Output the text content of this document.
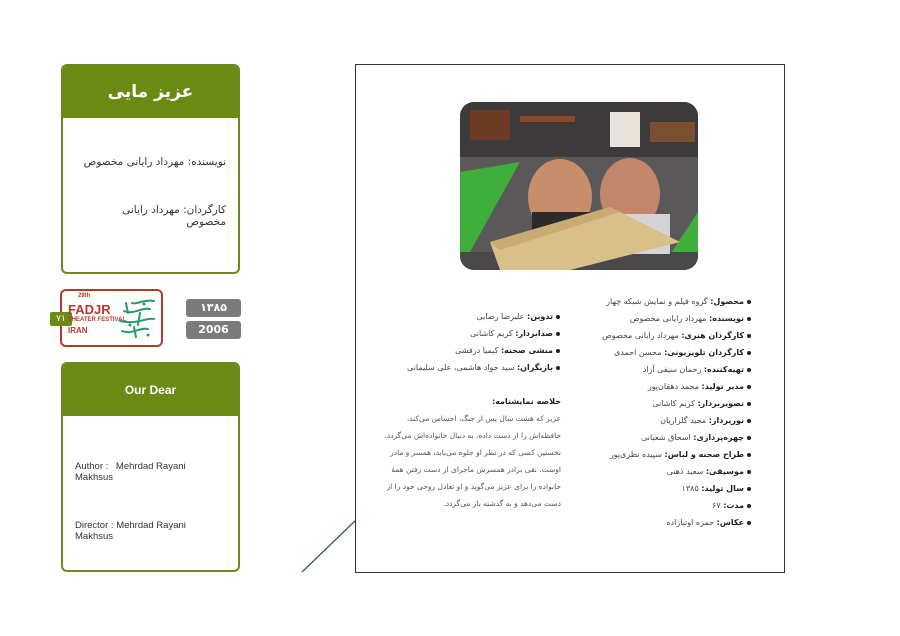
عزیز مایی
نویسنده: مهرداد رایانی مخصوص
کارگردان: مهرداد رایانی مخصوص
۷۱
28th
FADJR
THEATER FESTIVAL
IRAN
۱۳۸۵
2006
Our Dear
Author : Mehrdad Rayani Makhsus
Director : Mehrdad Rayani Makhsus
محصول: گروه فیلم و نمایش شبکه چهار
نویسنده: مهرداد رایانی مخصوص
کارگردان هنری: مهرداد رایانی مخصوص
کارگردان تلویزیونی: محسن احمدی
تهیه‌کننده: رحمان سیفی آزاد
مدیر تولید: محمد دهقان‌پور
تصویربردار: کریم کاشانی
نورپرداز: مجید گلزاریان
چهره‌پردازی: اسحاق شعبانی
طراح صحنه و لباس: سپیده نظری‌پور
موسیقی: سعید ذهنی
سال تولید: ۱۳۸۵
مدت: ۶۷
عکاس: حمزه اوتبازاده
تدوین: علیرضا رضایی
صدابردار: کریم کاشانی
منشی صحنه: کیمیا درفشی
بازیگران: سید جواد هاشمی، علی سلیمانی
خلاصه نمایشنامه:
عزیز که هشت سال پس از جنگ، احساس می‌کند، حافظه‌اش را از دست داده، به دنبال خانواده‌اش می‌گردد. نخستین کسی که در نظر او جلوه می‌یابد، همسر و مادر اوست. نقی برادر همسرش ماجرای از دست رفتن همهٔ خانواده را برای عزیز می‌گوید و او تعادل روحی خود را از دست می‌دهد و به گذشته باز می‌گردد.
